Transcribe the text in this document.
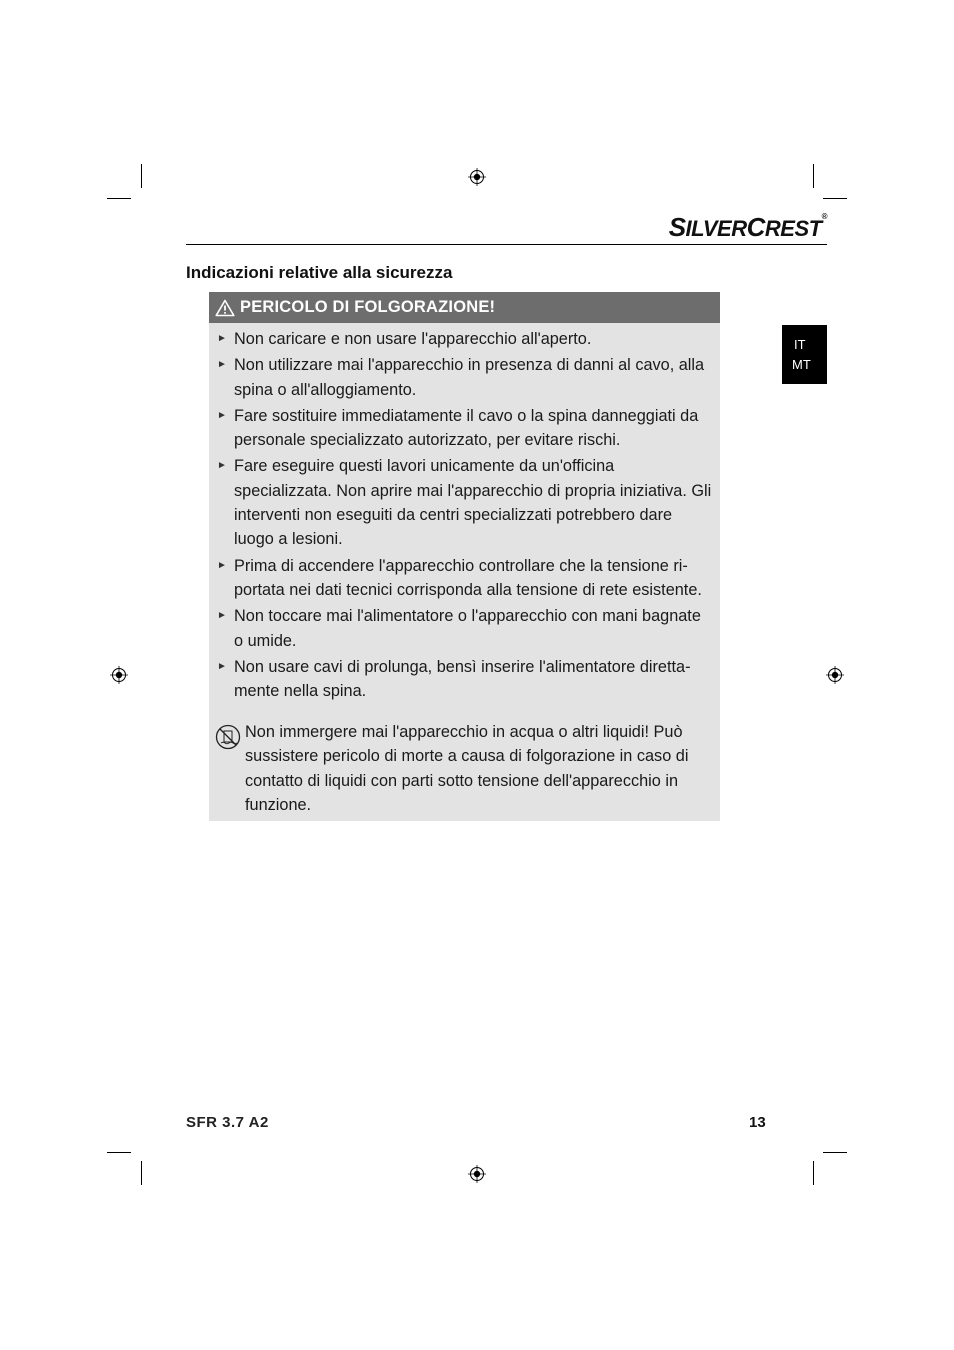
SILVERCREST®
Indicazioni relative alla sicurezza
IT
MT
PERICOLO DI FOLGORAZIONE!
► Non caricare e non usare l'apparecchio all'aperto.
► Non utilizzare mai l'apparecchio in presenza di danni al cavo, alla spina o all'alloggiamento.
► Fare sostituire immediatamente il cavo o la spina danneggiati da personale specializzato autorizzato, per evitare rischi.
► Fare eseguire questi lavori unicamente da un'officina specializzata. Non aprire mai l'apparecchio di propria iniziativa. Gli interventi non eseguiti da centri specializzati potrebbero dare luogo a lesioni.
► Prima di accendere l'apparecchio controllare che la tensione ri-portata nei dati tecnici corrisponda alla tensione di rete esistente.
► Non toccare mai l'alimentatore o l'apparecchio con mani bagnate o umide.
► Non usare cavi di prolunga, bensì inserire l'alimentatore diretta-mente nella spina.
Non immergere mai l'apparecchio in acqua o altri liquidi! Può sussistere pericolo di morte a causa di folgorazione in caso di contatto di liquidi con parti sotto tensione dell'apparecchio in funzione.
SFR 3.7 A2	13
